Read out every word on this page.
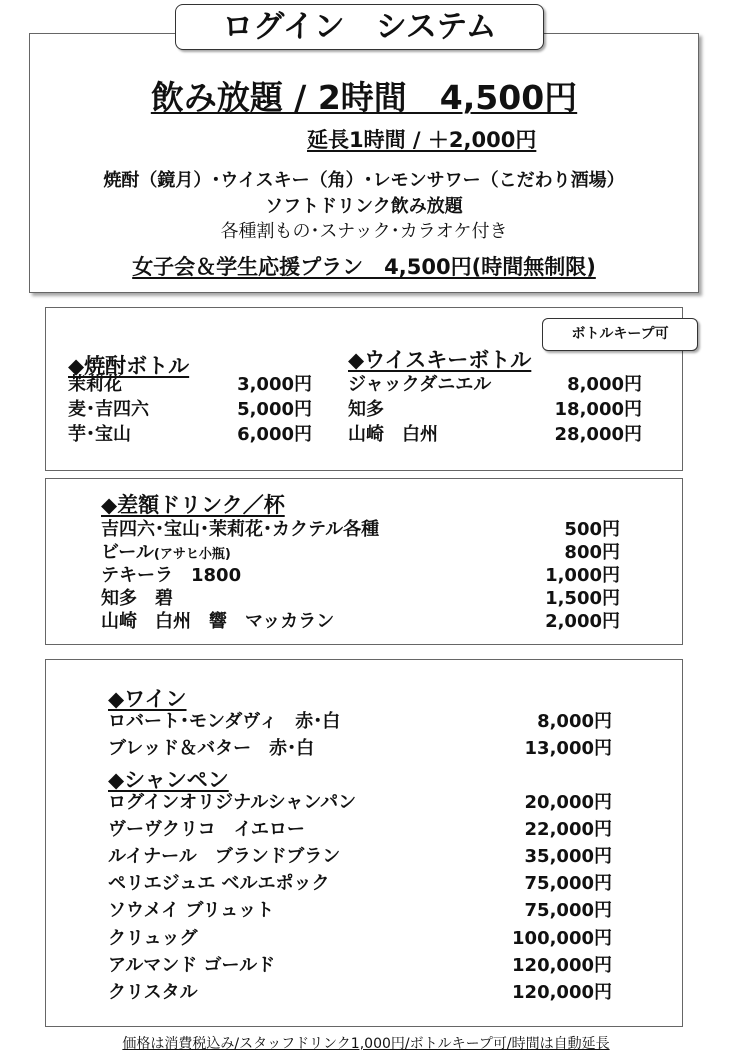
ログイン　システム
飲み放題 / 2時間　4,500円
延長1時間 / ＋2,000円
焼酎（鏡月）･ウイスキー（角）･レモンサワー（こだわり酒場）
ソフトドリンク飲み放題
各種割もの･スナック･カラオケ付き
女子会＆学生応援プラン　4,500円(時間無制限)
ボトルキープ可
◆焼酎ボトル	◆ウイスキーボトル
茉莉花	3,000円
麦･吉四六	5,000円
芋･宝山	6,000円
ジャックダニエル	8,000円
知多	18,000円
山崎　白州	28,000円
◆差額ドリンク／杯
吉四六･宝山･茉莉花･カクテル各種	500円
ビール(アサヒ小瓶)	800円
テキーラ　1800	1,000円
知多　碧	1,500円
山崎　白州　響　マッカラン	2,000円
◆ワイン
ロバート･モンダヴィ　赤･白	8,000円
ブレッド＆バター　赤･白	13,000円
◆シャンペン
ログインオリジナルシャンパン	20,000円
ヴーヴクリコ　イエロー	22,000円
ルイナール　ブランドブラン	35,000円
ペリエジュエ ベルエポック	75,000円
ソウメイ ブリュット	75,000円
クリュッグ	100,000円
アルマンド ゴールド	120,000円
クリスタル	120,000円
価格は消費税込み/スタッフドリンク1,000円/ボトルキープ可/時間は自動延長
